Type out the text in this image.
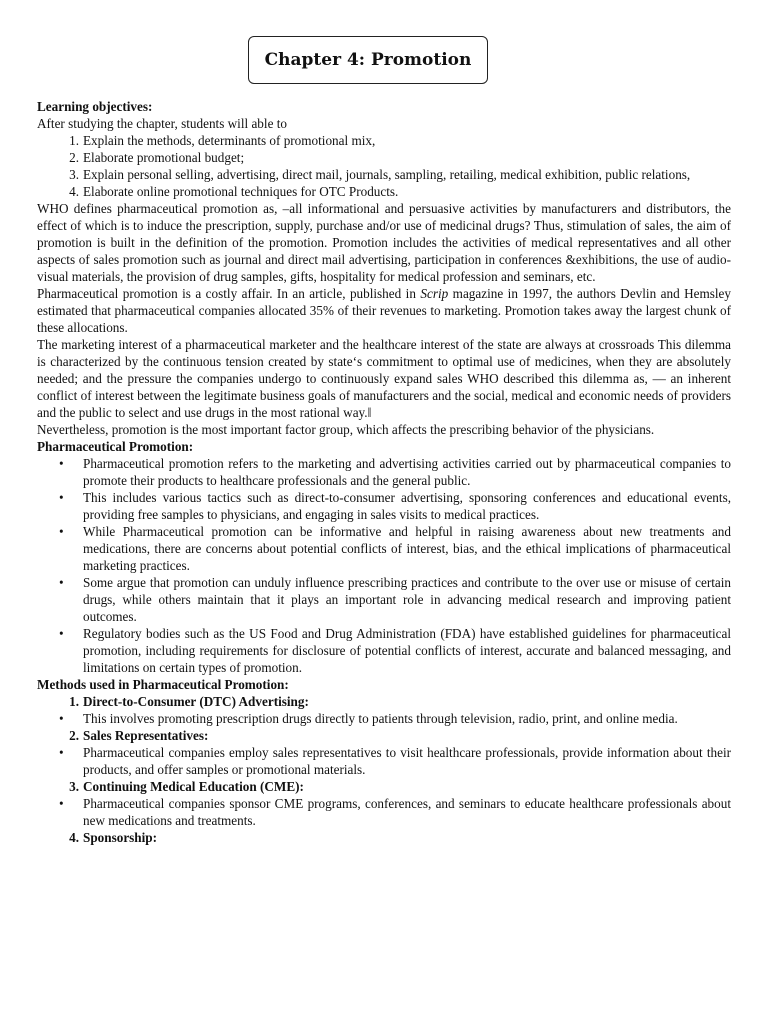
Chapter 4: Promotion

Learning objectives:

After studying the chapter, students will able to

1. Explain the methods, determinants of promotional mix,
2. Elaborate promotional budget;
3. Explain personal selling, advertising, direct mail, journals, sampling, retailing, medical exhibition, public relations,
4. Elaborate online promotional techniques for OTC Products.

WHO defines pharmaceutical promotion as, –all informational and persuasive activities by manufacturers and distributors, the effect of which is to induce the prescription, supply, purchase and/or use of medicinal drugs? Thus, stimulation of sales, the aim of promotion is built in the definition of the promotion. Promotion includes the activities of medical representatives and all other aspects of sales promotion such as journal and direct mail advertising, participation in conferences &exhibitions, the use of audio-visual materials, the provision of drug samples, gifts, hospitality for medical profession and seminars, etc.

Pharmaceutical promotion is a costly affair. In an article, published in Scrip magazine in 1997, the authors Devlin and Hemsley estimated that pharmaceutical companies allocated 35% of their revenues to marketing. Promotion takes away the largest chunk of these allocations.

The marketing interest of a pharmaceutical marketer and the healthcare interest of the state are always at crossroads This dilemma is characterized by the continuous tension created by state‘s commitment to optimal use of medicines, when they are absolutely needed; and the pressure the companies undergo to continuously expand sales WHO described this dilemma as, — an inherent conflict of interest between the legitimate business goals of manufacturers and the social, medical and economic needs of providers and the public to select and use drugs in the most rational way.‖

Nevertheless, promotion is the most important factor group, which affects the prescribing behavior of the physicians.

Pharmaceutical Promotion:

• Pharmaceutical promotion refers to the marketing and advertising activities carried out by pharmaceutical companies to promote their products to healthcare professionals and the general public.
• This includes various tactics such as direct-to-consumer advertising, sponsoring conferences and educational events, providing free samples to physicians, and engaging in sales visits to medical practices.
• While Pharmaceutical promotion can be informative and helpful in raising awareness about new treatments and medications, there are concerns about potential conflicts of interest, bias, and the ethical implications of pharmaceutical marketing practices.
• Some argue that promotion can unduly influence prescribing practices and contribute to the over use or misuse of certain drugs, while others maintain that it plays an important role in advancing medical research and improving patient outcomes.
• Regulatory bodies such as the US Food and Drug Administration (FDA) have established guidelines for pharmaceutical promotion, including requirements for disclosure of potential conflicts of interest, accurate and balanced messaging, and limitations on certain types of promotion.

Methods used in Pharmaceutical Promotion:

1. Direct-to-Consumer (DTC) Advertising:
• This involves promoting prescription drugs directly to patients through television, radio, print, and online media.
2. Sales Representatives:
• Pharmaceutical companies employ sales representatives to visit healthcare professionals, provide information about their products, and offer samples or promotional materials.
3. Continuing Medical Education (CME):
• Pharmaceutical companies sponsor CME programs, conferences, and seminars to educate healthcare professionals about new medications and treatments.
4. Sponsorship:
